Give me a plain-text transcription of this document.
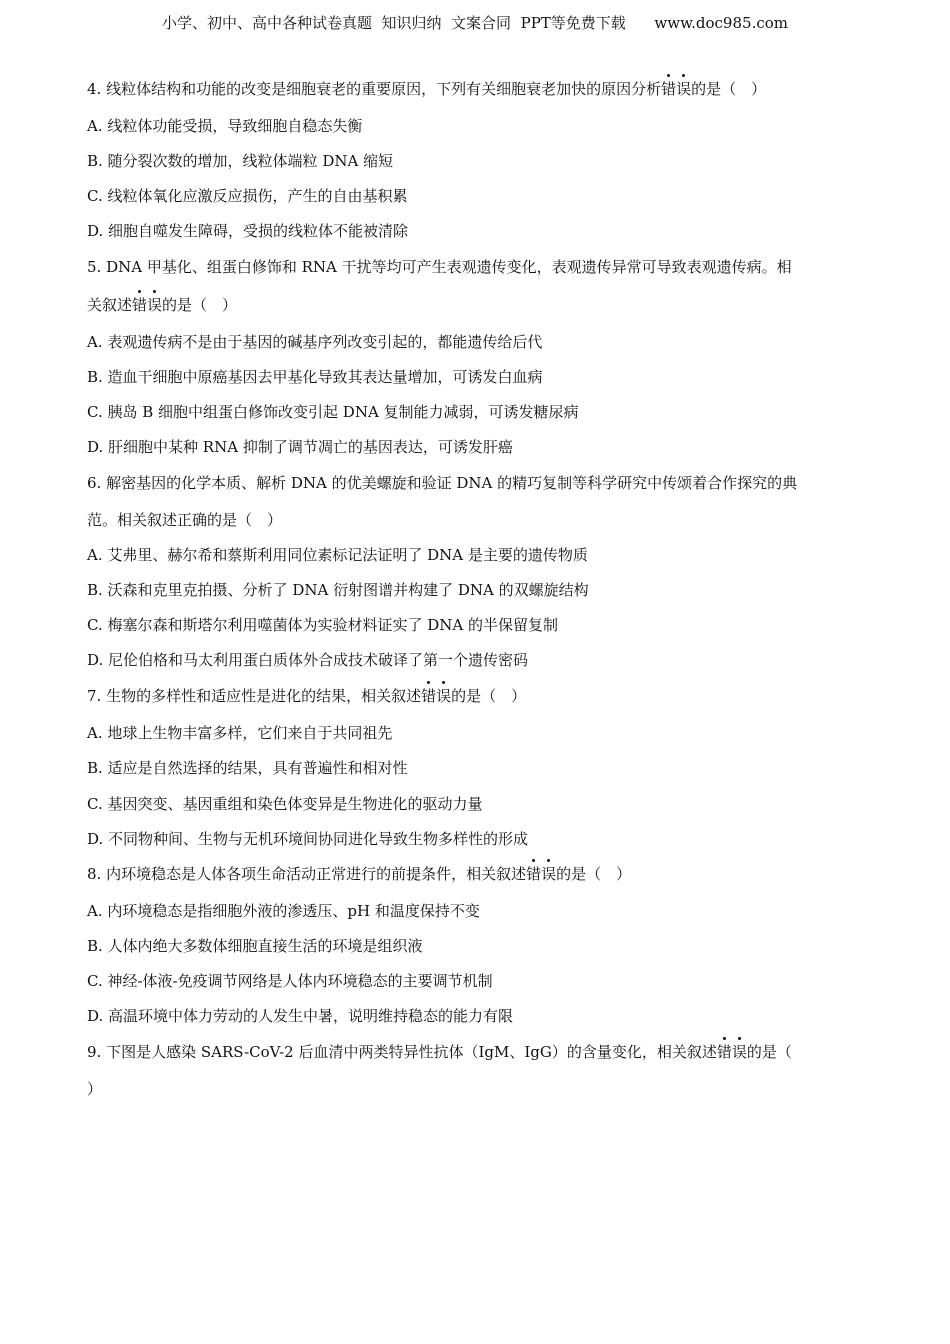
小学、初中、高中各种试卷真题  知识归纳  文案合同  PPT等免费下载      www.doc985.com

4. 线粒体结构和功能的改变是细胞衰老的重要原因，下列有关细胞衰老加快的原因分析错误的是（　）

A. 线粒体功能受损，导致细胞自稳态失衡

B. 随分裂次数的增加，线粒体端粒 DNA 缩短

C. 线粒体氧化应激反应损伤，产生的自由基积累

D. 细胞自噬发生障碍，受损的线粒体不能被清除

5. DNA 甲基化、组蛋白修饰和 RNA 干扰等均可产生表观遗传变化，表观遗传异常可导致表观遗传病。相

关叙述错误的是（　）

A. 表观遗传病不是由于基因的碱基序列改变引起的，都能遗传给后代

B. 造血干细胞中原癌基因去甲基化导致其表达量增加，可诱发白血病

C. 胰岛 B 细胞中组蛋白修饰改变引起 DNA 复制能力减弱，可诱发糖尿病

D. 肝细胞中某种 RNA 抑制了调节凋亡的基因表达，可诱发肝癌

6. 解密基因的化学本质、解析 DNA 的优美螺旋和验证 DNA 的精巧复制等科学研究中传颂着合作探究的典

范。相关叙述正确的是（　）

A. 艾弗里、赫尔希和蔡斯利用同位素标记法证明了 DNA 是主要的遗传物质

B. 沃森和克里克拍摄、分析了 DNA 衍射图谱并构建了 DNA 的双螺旋结构

C. 梅塞尔森和斯塔尔利用噬菌体为实验材料证实了 DNA 的半保留复制

D. 尼伦伯格和马太利用蛋白质体外合成技术破译了第一个遗传密码

7. 生物的多样性和适应性是进化的结果，相关叙述错误的是（　）

A. 地球上生物丰富多样，它们来自于共同祖先

B. 适应是自然选择的结果，具有普遍性和相对性

C. 基因突变、基因重组和染色体变异是生物进化的驱动力量

D. 不同物种间、生物与无机环境间协同进化导致生物多样性的形成

8. 内环境稳态是人体各项生命活动正常进行的前提条件，相关叙述错误的是（　）

A. 内环境稳态是指细胞外液的渗透压、pH 和温度保持不变

B. 人体内绝大多数体细胞直接生活的环境是组织液

C. 神经-体液-免疫调节网络是人体内环境稳态的主要调节机制

D. 高温环境中体力劳动的人发生中暑，说明维持稳态的能力有限

9. 下图是人感染 SARS-CoV-2 后血清中两类特异性抗体（IgM、IgG）的含量变化，相关叙述错误的是（

）
